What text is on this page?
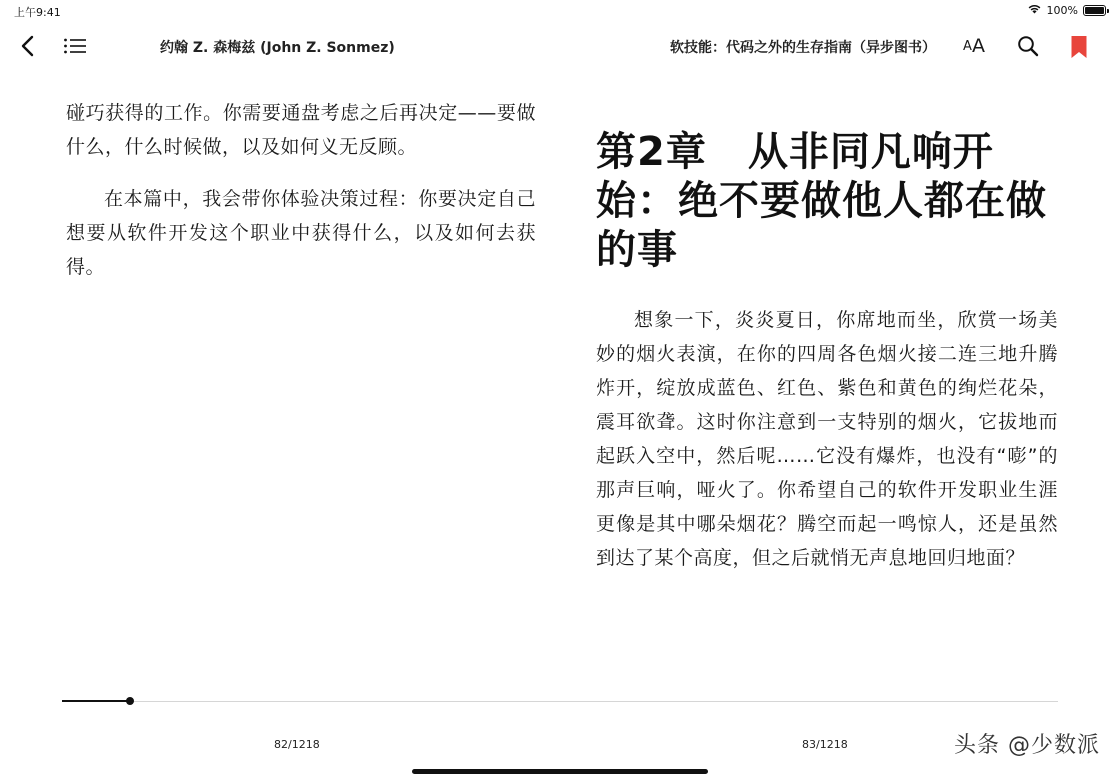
上午9:41	100%
约翰 Z. 森梅兹 (John Z. Sonmez)	软技能：代码之外的生存指南（异步图书） A A

碰巧获得的工作。你需要通盘考虑之后再决定——要做什么，什么时候做，以及如何义无反顾。

在本篇中，我会带你体验决策过程：你要决定自己想要从软件开发这个职业中获得什么，以及如何去获得。

第2章　从非同凡响开始：绝不要做他人都在做的事

想象一下，炎炎夏日，你席地而坐，欣赏一场美妙的烟火表演，在你的四周各色烟火接二连三地升腾炸开，绽放成蓝色、红色、紫色和黄色的绚烂花朵，震耳欲聋。这时你注意到一支特别的烟火，它拔地而起跃入空中，然后呢……它没有爆炸，也没有“嘭”的那声巨响，哑火了。你希望自己的软件开发职业生涯更像是其中哪朵烟花？腾空而起一鸣惊人，还是虽然到达了某个高度，但之后就悄无声息地回归地面？

82/1218	83/1218	头条 @少数派
